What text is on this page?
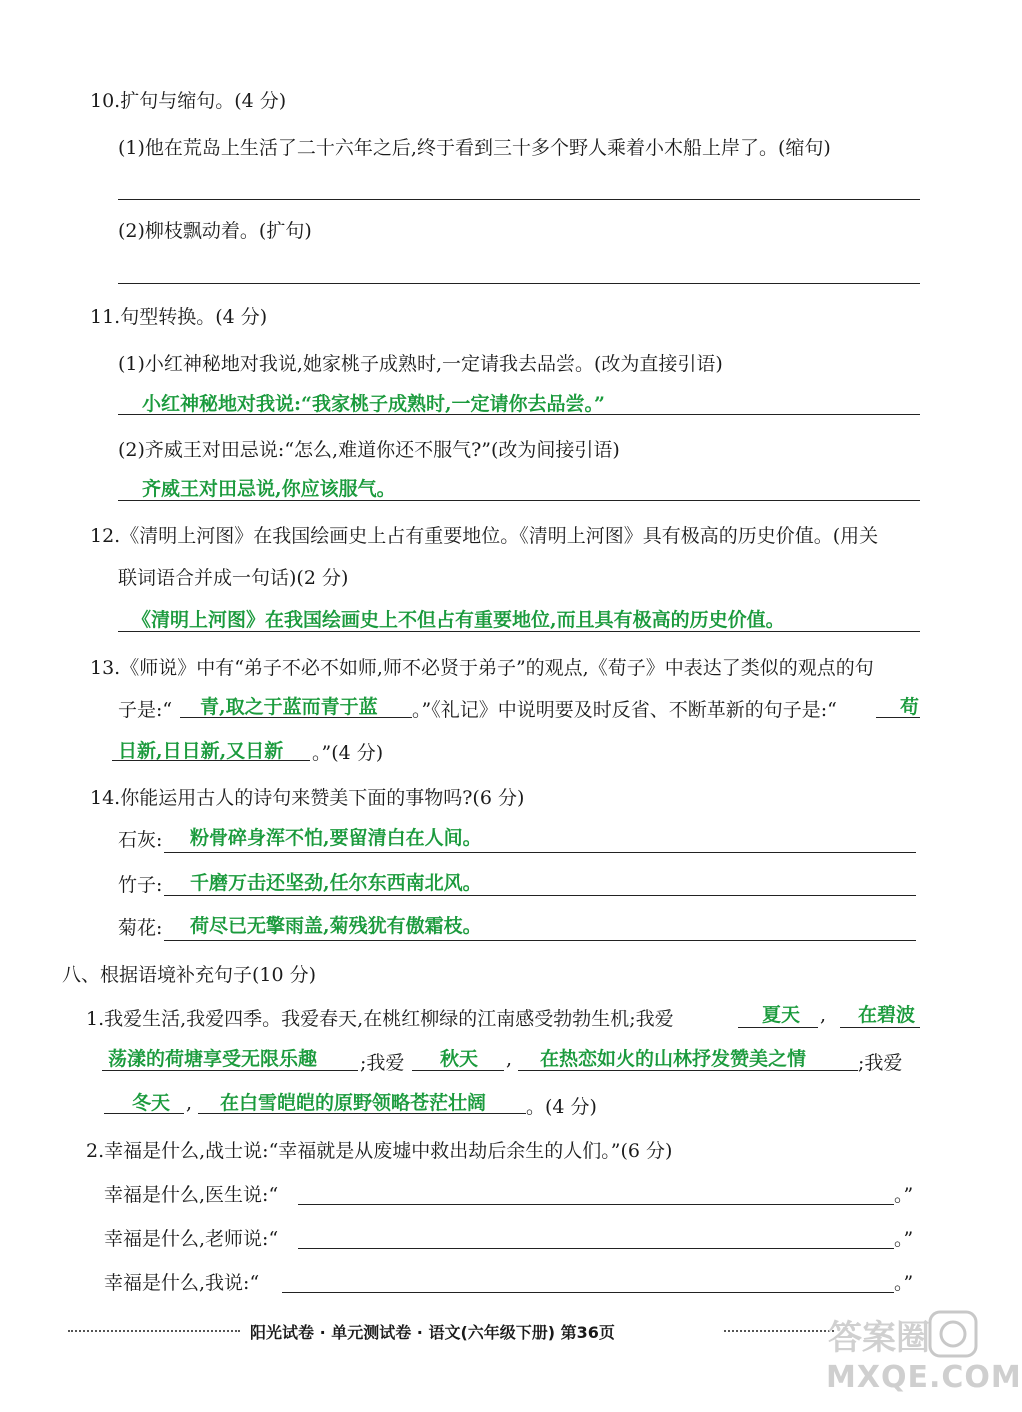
10.扩句与缩句。(4 分)
(1)他在荒岛上生活了二十六年之后,终于看到三十多个野人乘着小木船上岸了。(缩句)
(2)柳枝飘动着。(扩句)
11.句型转换。(4 分)
(1)小红神秘地对我说,她家桃子成熟时,一定请我去品尝。(改为直接引语)
小红神秘地对我说:“我家桃子成熟时,一定请你去品尝。”
(2)齐威王对田忌说:“怎么,难道你还不服气?”(改为间接引语)
齐威王对田忌说,你应该服气。
12.《清明上河图》在我国绘画史上占有重要地位。《清明上河图》具有极高的历史价值。(用关
联词语合并成一句话)(2 分)
《清明上河图》在我国绘画史上不但占有重要地位,而且具有极高的历史价值。
13.《师说》中有“弟子不必不如师,师不必贤于弟子”的观点,《荀子》中表达了类似的观点的句
子是:“ 青,取之于蓝而青于蓝 。”《礼记》中说明要及时反省、不断革新的句子是:“	苟
日新,日日新,又日新 。”(4 分)
14.你能运用古人的诗句来赞美下面的事物吗?(6 分)
石灰: 粉骨碎身浑不怕,要留清白在人间。
竹子: 千磨万击还坚劲,任尔东西南北风。
菊花: 荷尽已无擎雨盖,菊残犹有傲霜枝。
八、根据语境补充句子(10 分)
1.我爱生活,我爱四季。我爱春天,在桃红柳绿的江南感受勃勃生机;我爱	夏天 , 在碧波
荡漾的荷塘享受无限乐趣 ;我爱 秋天 , 在热恋如火的山林抒发赞美之情	;我爱
冬天 , 在白雪皑皑的原野领略苍茫壮阔 。(4 分)
2.幸福是什么,战士说:“幸福就是从废墟中救出劫后余生的人们。”(6 分)
幸福是什么,医生说:“	。”
幸福是什么,老师说:“	。”
幸福是什么,我说:“	。”
阳光试卷 · 单元测试卷 · 语文(六年级下册) 第36页	答案圈
MXQE.COM
